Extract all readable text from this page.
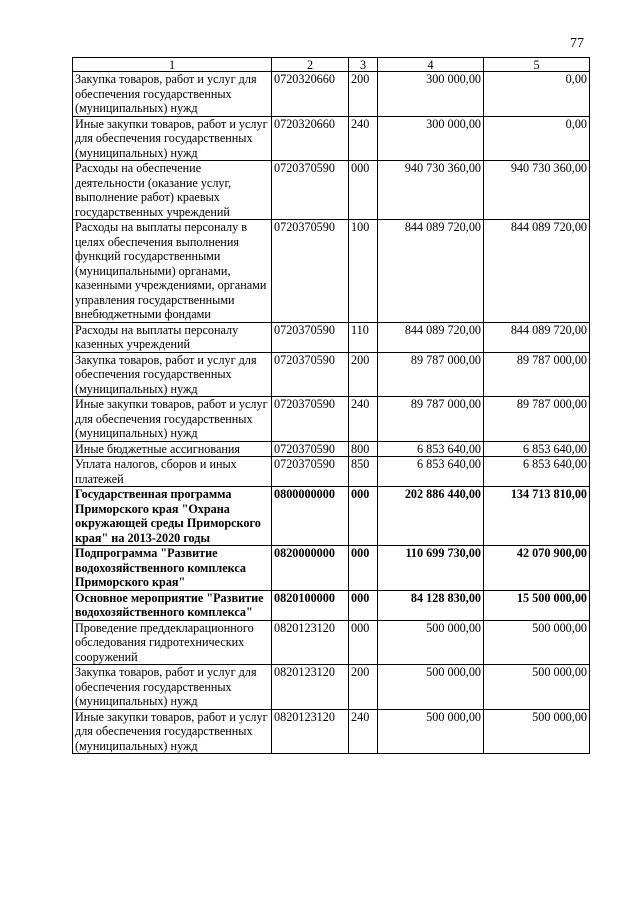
77
1	2	3	4	5
Закупка товаров, работ и услуг для обеспечения государственных (муниципальных) нужд	0720320660	200	300 000,00	0,00
Иные закупки товаров, работ и услуг для обеспечения государственных (муниципальных) нужд	0720320660	240	300 000,00	0,00
Расходы на обеспечение деятельности (оказание услуг, выполнение работ) краевых государственных учреждений	0720370590	000	940 730 360,00	940 730 360,00
Расходы на выплаты персоналу в целях обеспечения выполнения функций государственными (муниципальными) органами, казенными учреждениями, органами управления государственными внебюджетными фондами	0720370590	100	844 089 720,00	844 089 720,00
Расходы на выплаты персоналу казенных учреждений	0720370590	110	844 089 720,00	844 089 720,00
Закупка товаров, работ и услуг для обеспечения государственных (муниципальных) нужд	0720370590	200	89 787 000,00	89 787 000,00
Иные закупки товаров, работ и услуг для обеспечения государственных (муниципальных) нужд	0720370590	240	89 787 000,00	89 787 000,00
Иные бюджетные ассигнования	0720370590	800	6 853 640,00	6 853 640,00
Уплата налогов, сборов и иных платежей	0720370590	850	6 853 640,00	6 853 640,00
Государственная программа Приморского края "Охрана окружающей среды Приморского края" на 2013-2020 годы	0800000000	000	202 886 440,00	134 713 810,00
Подпрограмма "Развитие водохозяйственного комплекса Приморского края"	0820000000	000	110 699 730,00	42 070 900,00
Основное мероприятие "Развитие водохозяйственного комплекса"	0820100000	000	84 128 830,00	15 500 000,00
Проведение преддекларационного обследования гидротехнических сооружений	0820123120	000	500 000,00	500 000,00
Закупка товаров, работ и услуг для обеспечения государственных (муниципальных) нужд	0820123120	200	500 000,00	500 000,00
Иные закупки товаров, работ и услуг для обеспечения государственных (муниципальных) нужд	0820123120	240	500 000,00	500 000,00
